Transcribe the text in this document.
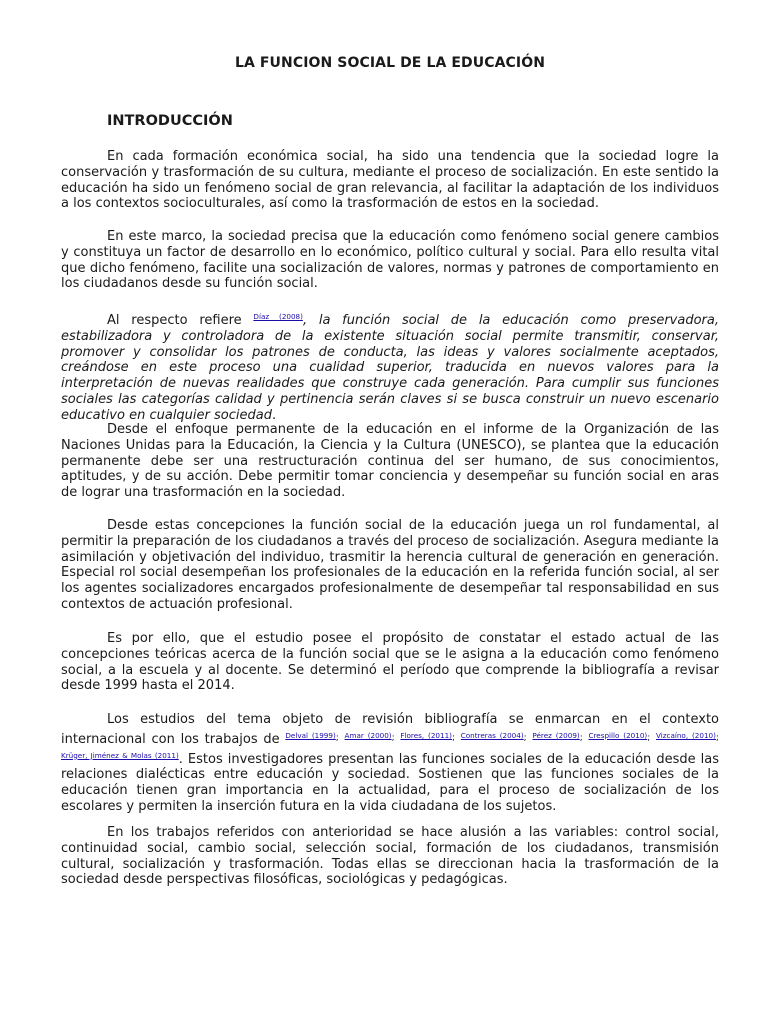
LA FUNCION SOCIAL DE LA EDUCACIÓN
INTRODUCCIÓN

En cada formación económica social, ha sido una tendencia que la sociedad logre la conservación y trasformación de su cultura, mediante el proceso de socialización. En este sentido la educación ha sido un fenómeno social de gran relevancia, al facilitar la adaptación de los individuos a los contextos socioculturales, así como la trasformación de estos en la sociedad.

En este marco, la sociedad precisa que la educación como fenómeno social genere cambios y constituya un factor de desarrollo en lo económico, político cultural y social. Para ello resulta vital que dicho fenómeno, facilite una socialización de valores, normas y patrones de comportamiento en los ciudadanos desde su función social.

Al respecto refiere $^{Díaz (2008)}$, la función social de la educación como preservadora, estabilizadora y controladora de la existente situación social permite transmitir, conservar, promover y consolidar los patrones de conducta, las ideas y valores socialmente aceptados, creándose en este proceso una cualidad superior, traducida en nuevos valores para la interpretación de nuevas realidades que construye cada generación. Para cumplir sus funciones sociales las categorías calidad y pertinencia serán claves si se busca construir un nuevo escenario educativo en cualquier sociedad.

Desde el enfoque permanente de la educación en el informe de la Organización de las Naciones Unidas para la Educación, la Ciencia y la Cultura (UNESCO), se plantea que la educación permanente debe ser una restructuración continua del ser humano, de sus conocimientos, aptitudes, y de su acción. Debe permitir tomar conciencia y desempeñar su función social en aras de lograr una trasformación en la sociedad.

Desde estas concepciones la función social de la educación juega un rol fundamental, al permitir la preparación de los ciudadanos a través del proceso de socialización. Asegura mediante la asimilación y objetivación del individuo, trasmitir la herencia cultural de generación en generación. Especial rol social desempeñan los profesionales de la educación en la referida función social, al ser los agentes socializadores encargados profesionalmente de desempeñar tal responsabilidad en sus contextos de actuación profesional.

Es por ello, que el estudio posee el propósito de constatar el estado actual de las concepciones teóricas acerca de la función social que se le asigna a la educación como fenómeno social, a la escuela y al docente. Se determinó el período que comprende la bibliografía a revisar desde 1999 hasta el 2014.

Los estudios del tema objeto de revisión bibliografía se enmarcan en el contexto internacional con los trabajos de $^{Delval (1999);}$ $^{Amar (2000);}$ $^{Flores, (2011);}$ $^{Contreras (2004);}$ $^{Pérez (2009);}$ $^{Crespillo (2010);}$ $^{Vizcaíno, (2010);}$ $^{Krüger, Jiménez \& Molas (2011)}$. Estos investigadores presentan las funciones sociales de la educación desde las relaciones dialécticas entre educación y sociedad. Sostienen que las funciones sociales de la educación tienen gran importancia en la actualidad, para el proceso de socialización de los escolares y permiten la inserción futura en la vida ciudadana de los sujetos.

En los trabajos referidos con anterioridad se hace alusión a las variables: control social, continuidad social, cambio social, selección social, formación de los ciudadanos, transmisión cultural, socialización y trasformación. Todas ellas se direccionan hacia la trasformación de la sociedad desde perspectivas filosóficas, sociológicas y pedagógicas.
